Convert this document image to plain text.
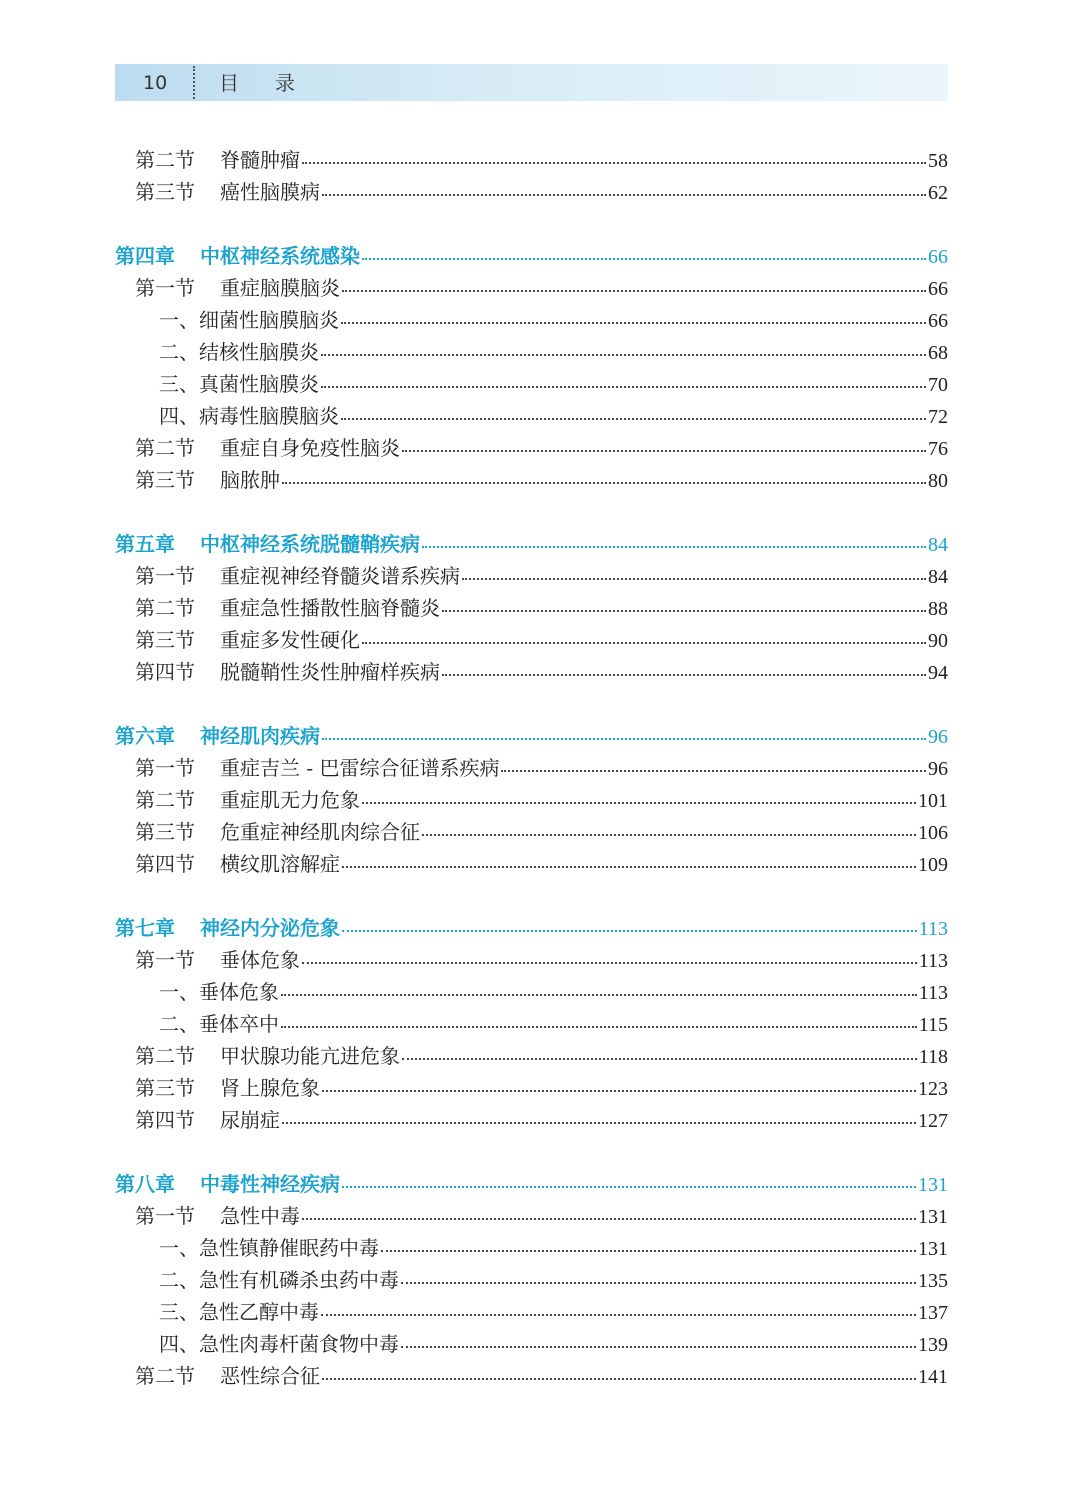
10	目录
第二节	脊髓肿瘤	58
第三节	癌性脑膜病	62
第四章	中枢神经系统感染	66
第一节	重症脑膜脑炎	66
一、细菌性脑膜脑炎	66
二、结核性脑膜炎	68
三、真菌性脑膜炎	70
四、病毒性脑膜脑炎	72
第二节	重症自身免疫性脑炎	76
第三节	脑脓肿	80
第五章	中枢神经系统脱髓鞘疾病	84
第一节	重症视神经脊髓炎谱系疾病	84
第二节	重症急性播散性脑脊髓炎	88
第三节	重症多发性硬化	90
第四节	脱髓鞘性炎性肿瘤样疾病	94
第六章	神经肌肉疾病	96
第一节	重症吉兰 - 巴雷综合征谱系疾病	96
第二节	重症肌无力危象	101
第三节	危重症神经肌肉综合征	106
第四节	横纹肌溶解症	109
第七章	神经内分泌危象	113
第一节	垂体危象	113
一、垂体危象	113
二、垂体卒中	115
第二节	甲状腺功能亢进危象	118
第三节	肾上腺危象	123
第四节	尿崩症	127
第八章	中毒性神经疾病	131
第一节	急性中毒	131
一、急性镇静催眠药中毒	131
二、急性有机磷杀虫药中毒	135
三、急性乙醇中毒	137
四、急性肉毒杆菌食物中毒	139
第二节	恶性综合征	141
